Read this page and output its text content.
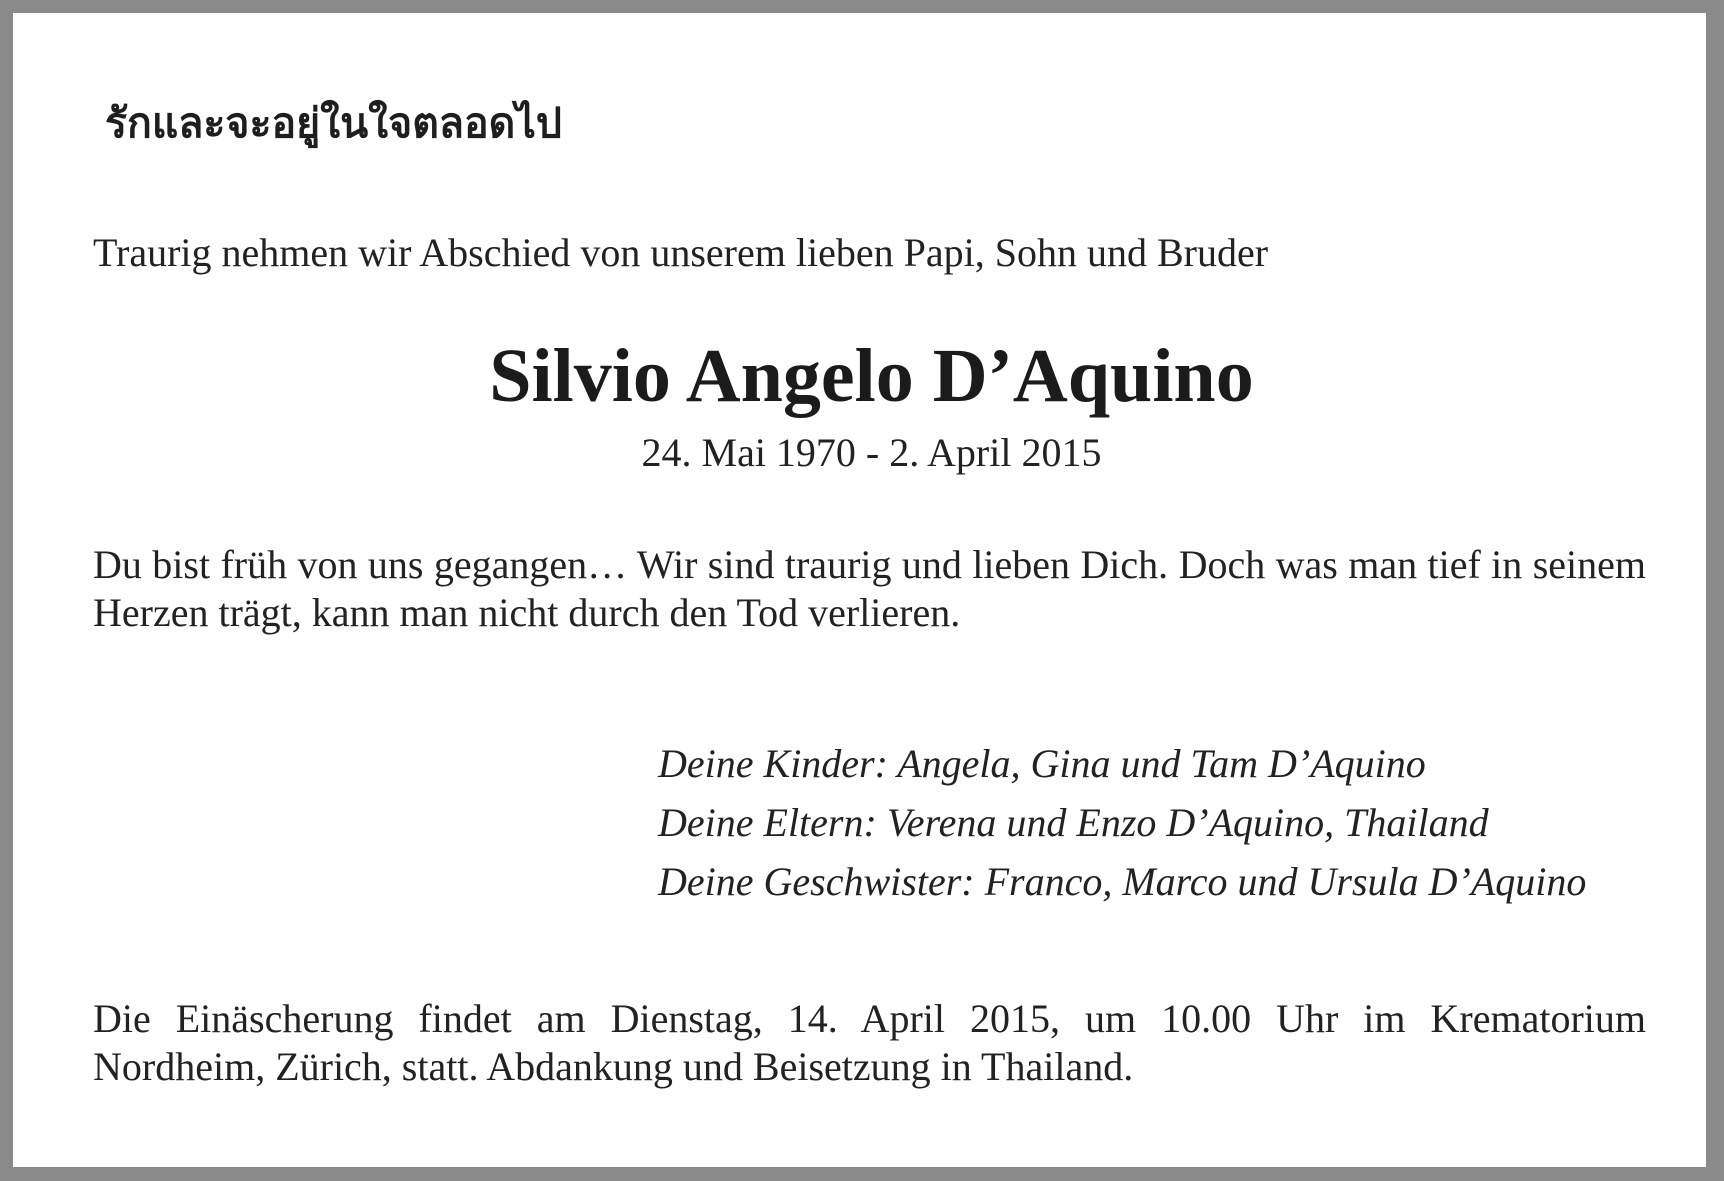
รักและจะอยู่ในใจตลอดไป
Traurig nehmen wir Abschied von unserem lieben Papi, Sohn und Bruder
Silvio Angelo D’Aquino
24. Mai 1970 - 2. April 2015
Du bist früh von uns gegangen… Wir sind traurig und lieben Dich. Doch was man tief in seinem Herzen trägt, kann man nicht durch den Tod verlieren.
Deine Kinder: Angela, Gina und Tam D’Aquino
Deine Eltern: Verena und Enzo D’Aquino, Thailand
Deine Geschwister: Franco, Marco und Ursula D’Aquino
Die Einäscherung findet am Dienstag, 14. April 2015, um 10.00 Uhr im Krematorium Nordheim, Zürich, statt. Abdankung und Beisetzung in Thailand.
